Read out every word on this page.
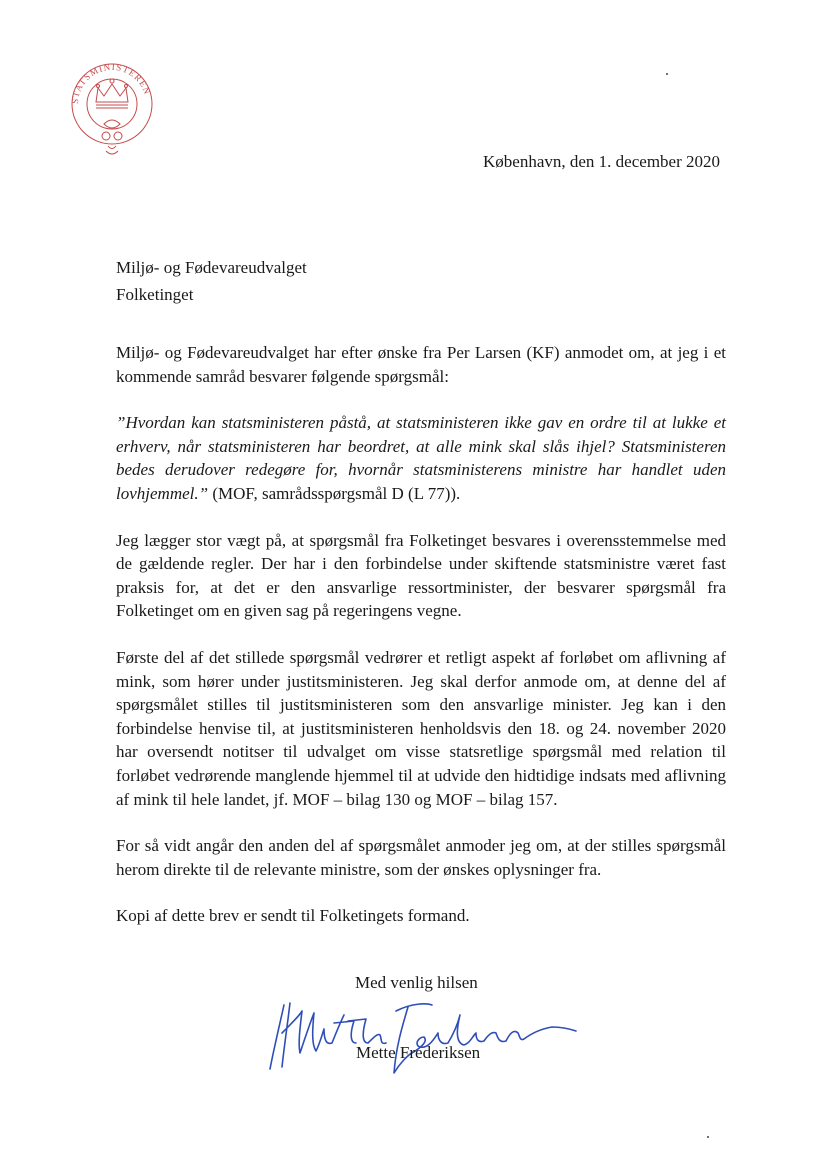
STATSMINISTEREN
København, den 1. december 2020
Miljø- og Fødevareudvalget
Folketinget

Miljø- og Fødevareudvalget har efter ønske fra Per Larsen (KF) anmodet om, at jeg i et kommende samråd besvarer følgende spørgsmål:

”Hvordan kan statsministeren påstå, at statsministeren ikke gav en ordre til at lukke et erhverv, når statsministeren har beordret, at alle mink skal slås ihjel? Statsministeren bedes derudover redegøre for, hvornår statsministerens ministre har handlet uden lovhjemmel.” (MOF, samrådsspørgsmål D (L 77)).

Jeg lægger stor vægt på, at spørgsmål fra Folketinget besvares i overensstemmelse med de gældende regler. Der har i den forbindelse under skiftende statsministre været fast praksis for, at det er den ansvarlige ressortminister, der besvarer spørgsmål fra Folketinget om en given sag på regeringens vegne.

Første del af det stillede spørgsmål vedrører et retligt aspekt af forløbet om aflivning af mink, som hører under justitsministeren. Jeg skal derfor anmode om, at denne del af spørgsmålet stilles til justitsministeren som den ansvarlige minister. Jeg kan i den forbindelse henvise til, at justitsministeren henholdsvis den 18. og 24. november 2020 har oversendt notitser til udvalget om visse statsretlige spørgsmål med relation til forløbet vedrørende manglende hjemmel til at udvide den hidtidige indsats med aflivning af mink til hele landet, jf. MOF – bilag 130 og MOF – bilag 157.

For så vidt angår den anden del af spørgsmålet anmoder jeg om, at der stilles spørgsmål herom direkte til de relevante ministre, som der ønskes oplysninger fra.

Kopi af dette brev er sendt til Folketingets formand.

Med venlig hilsen
Mette Frederiksen
